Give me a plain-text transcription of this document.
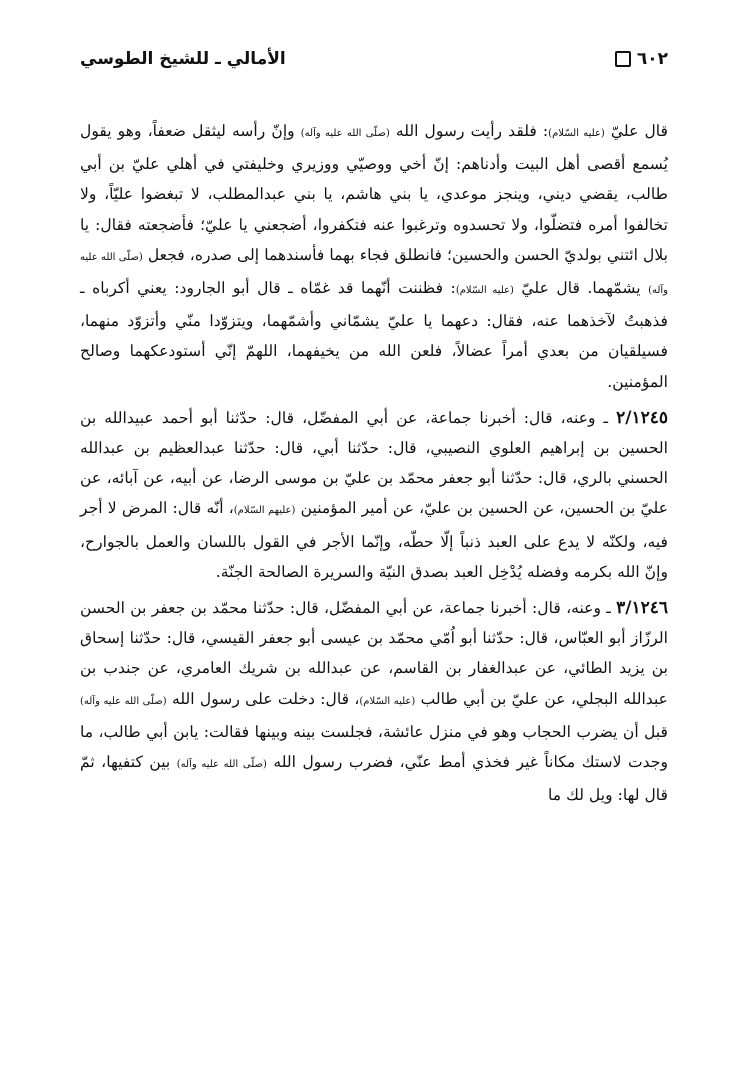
٦٠٢
الأمالي ـ للشيخ الطوسي

قال عليّ (عليه السّلام): فلقد رأيت رسول الله (صلّى الله عليه وآله) وإنّ رأسه ليثقل ضعفاً، وهو يقول يُسمع أقصى أهل البيت وأدناهم: إنّ أخي ووصيّي ووزيري وخليفتي في أهلي عليّ بن أبي طالب، يقضي ديني، وينجز موعدي، يا بني هاشم، يا بني عبدالمطلب، لا تبغضوا عليّاً، ولا تخالفوا أمره فتضلّوا، ولا تحسدوه وترغبوا عنه فتكفروا، أضجعني يا عليّ؛ فأضجعته فقال: يا بلال ائتني بولديّ الحسن والحسين؛ فانطلق فجاء بهما فأسندهما إلى صدره، فجعل (صلّى الله عليه وآله) يشمّهما. قال عليّ (عليه السّلام): فظننت أنّهما قد غمّاه ـ قال أبو الجارود: يعني أكرباه ـ فذهبتُ لآخذهما عنه، فقال: دعهما يا عليّ يشمّاني وأشمّهما، ويتزوّدا منّي وأتزوّد منهما، فسيلقيان من بعدي أمراً عضالاً، فلعن الله من يخيفهما، اللهمّ إنّي أستودعكهما وصالح المؤمنين.

٢/١٢٤٥ ـ وعنه، قال: أخبرنا جماعة، عن أبي المفضّل، قال: حدّثنا أبو أحمد عبيدالله بن الحسين بن إبراهيم العلوي النصيبي، قال: حدّثنا أبي، قال: حدّثنا عبدالعظيم بن عبدالله الحسني بالري، قال: حدّثنا أبو جعفر محمّد بن عليّ بن موسى الرضا، عن أبيه، عن آبائه، عن عليّ بن الحسين، عن الحسين بن عليّ، عن أمير المؤمنين (عليهم السّلام)، أنّه قال: المرض لا أجر فيه، ولكنّه لا يدع على العبد ذنباً إلّا حطّه، وإنّما الأجر في القول باللسان والعمل بالجوارح، وإنّ الله بكرمه وفضله يُدْخِل العبد بصدق النيّة والسريرة الصالحة الجنّة.

٣/١٢٤٦ ـ وعنه، قال: أخبرنا جماعة، عن أبي المفضّل، قال: حدّثنا محمّد بن جعفر بن الحسن الرزّاز أبو العبّاس، قال: حدّثنا أبو اُمّي محمّد بن عيسى أبو جعفر القيسي، قال: حدّثنا إسحاق بن يزيد الطائي، عن عبدالغفار بن القاسم، عن عبدالله بن شريك العامري، عن جندب بن عبدالله البجلي، عن عليّ بن أبي طالب (عليه السّلام)، قال: دخلت على رسول الله (صلّى الله عليه وآله) قبل أن يضرب الحجاب وهو في منزل عائشة، فجلست بينه وبينها فقالت: يابن أبي طالب، ما وجدت لاستك مكاناً غير فخذي أمط عنّي، فضرب رسول الله (صلّى الله عليه وآله) بين كتفيها، ثمّ قال لها: ويل لك ما
